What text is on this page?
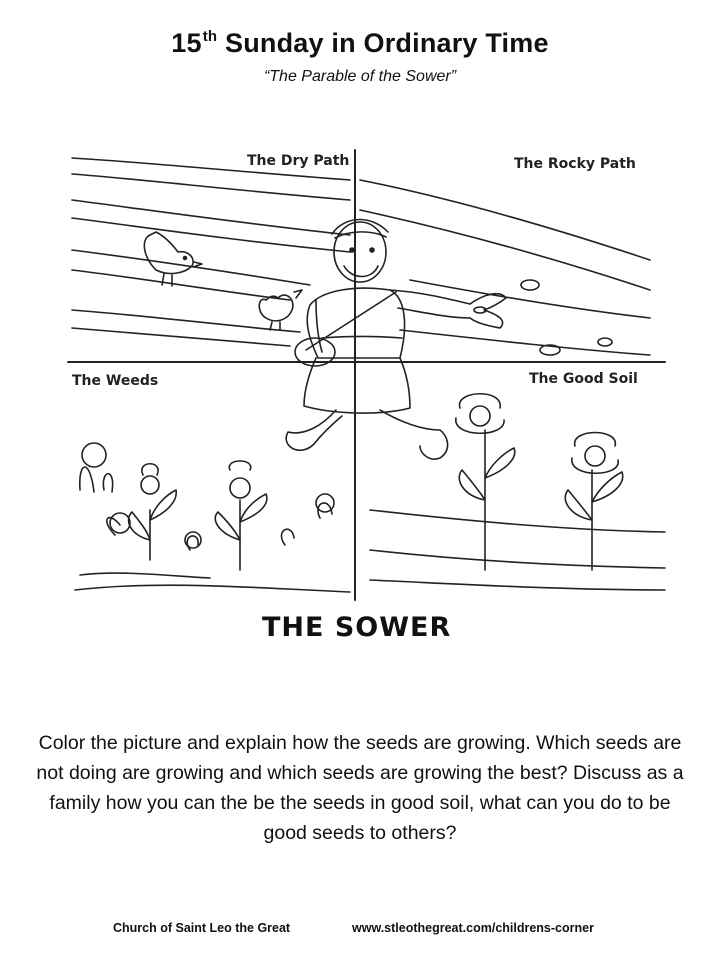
15th Sunday in Ordinary Time
“The Parable of the Sower”
The Dry Path	The Rocky Path
The Weeds	The Good Soil
THE SOWER
Color the picture and explain how the seeds are growing. Which seeds are not doing are growing and which seeds are growing the best? Discuss as a family how you can the be the seeds in good soil, what can you do to be good seeds to others?
Church of Saint Leo the Great	www.stleothegreat.com/childrens-corner
